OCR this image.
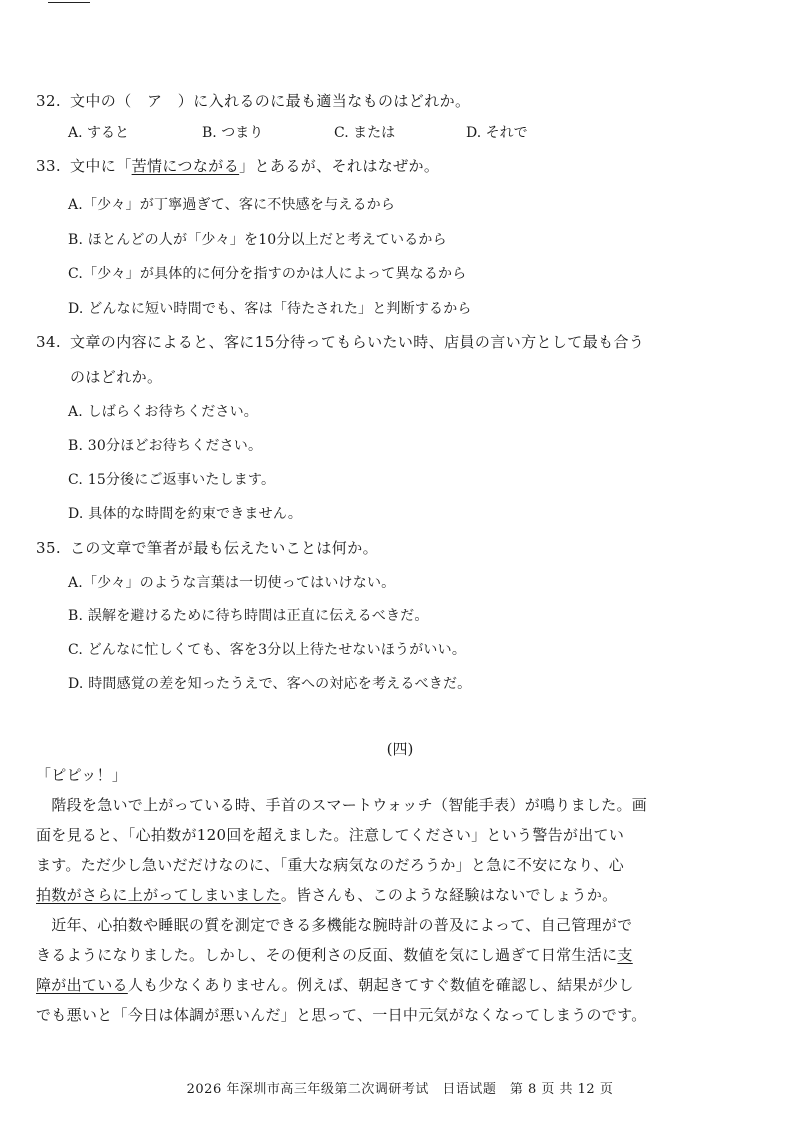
32. 文中の（　ア　）に入れるのに最も適当なものはどれか。
A. すると	B. つまり	C. または	D. それで
33. 文中に「苦情につながる」とあるが、それはなぜか。
A.「少々」が丁寧過ぎて、客に不快感を与えるから
B. ほとんどの人が「少々」を10分以上だと考えているから
C.「少々」が具体的に何分を指すのかは人によって異なるから
D. どんなに短い時間でも、客は「待たされた」と判断するから
34. 文章の内容によると、客に15分待ってもらいたい時、店員の言い方として最も合う
のはどれか。
A. しばらくお待ちください。
B. 30分ほどお待ちください。
C. 15分後にご返事いたします。
D. 具体的な時間を約束できません。
35. この文章で筆者が最も伝えたいことは何か。
A.「少々」のような言葉は一切使ってはいけない。
B. 誤解を避けるために待ち時間は正直に伝えるべきだ。
C. どんなに忙しくても、客を3分以上待たせないほうがいい。
D. 時間感覚の差を知ったうえで、客への対応を考えるべきだ。
(四)
「ピピッ！」
　階段を急いで上がっている時、手首のスマートウォッチ（智能手表）が鳴りました。画
面を見ると、「心拍数が120回を超えました。注意してください」という警告が出てい
ます。ただ少し急いだだけなのに、「重大な病気なのだろうか」と急に不安になり、心
拍数がさらに上がってしまいました。皆さんも、このような経験はないでしょうか。
　近年、心拍数や睡眠の質を測定できる多機能な腕時計の普及によって、自己管理がで
きるようになりました。しかし、その便利さの反面、数値を気にし過ぎて日常生活に支
障が出ている人も少なくありません。例えば、朝起きてすぐ数値を確認し、結果が少し
でも悪いと「今日は体調が悪いんだ」と思って、一日中元気がなくなってしまうのです。
2026 年深圳市高三年级第二次调研考试　日语试题　第 8 页 共 12 页
